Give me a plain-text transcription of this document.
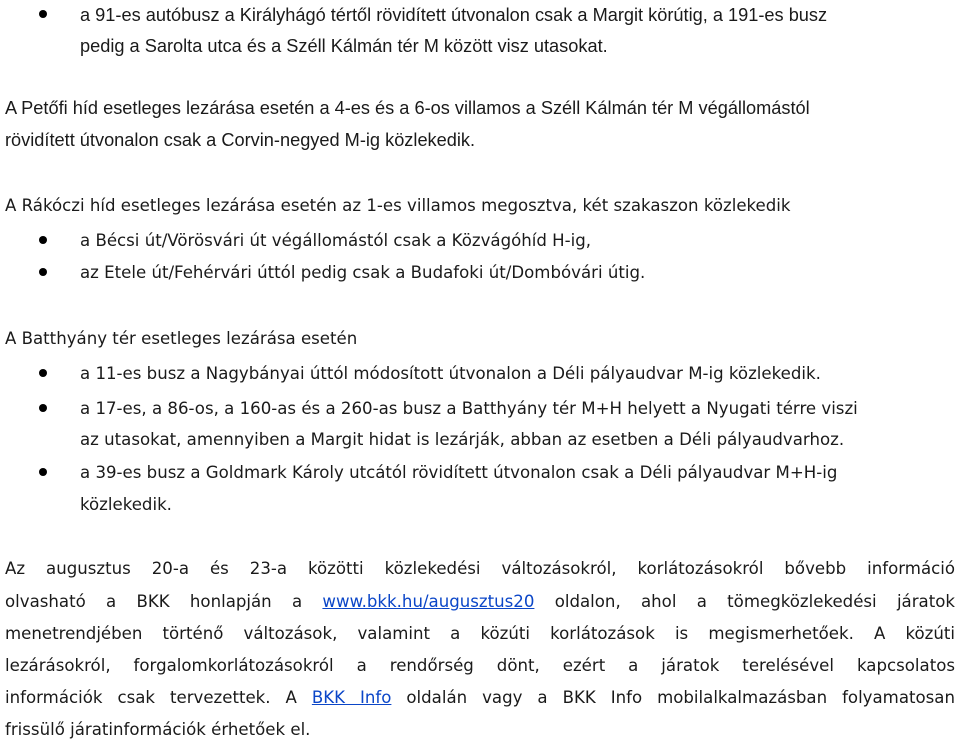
a 91-es autóbusz a Királyhágó tértől rövidített útvonalon csak a Margit körútig, a 191-es busz
pedig a Sarolta utca és a Széll Kálmán tér M között visz utasokat.
A Petőfi híd esetleges lezárása esetén a 4-es és a 6-os villamos a Széll Kálmán tér M végállomástól
rövidített útvonalon csak a Corvin-negyed M-ig közlekedik.
A Rákóczi híd esetleges lezárása esetén az 1-es villamos megosztva, két szakaszon közlekedik
a Bécsi út/Vörösvári út végállomástól csak a Közvágóhíd H-ig,
az Etele út/Fehérvári úttól pedig csak a Budafoki út/Dombóvári útig.
A Batthyány tér esetleges lezárása esetén
a 11-es busz a Nagybányai úttól módosított útvonalon a Déli pályaudvar M-ig közlekedik.
a 17-es, a 86-os, a 160-as és a 260-as busz a Batthyány tér M+H helyett a Nyugati térre viszi
az utasokat, amennyiben a Margit hidat is lezárják, abban az esetben a Déli pályaudvarhoz.
a 39-es busz a Goldmark Károly utcától rövidített útvonalon csak a Déli pályaudvar M+H-ig
közlekedik.
Az augusztus 20-a és 23-a közötti közlekedési változásokról, korlátozásokról bővebb információ
olvasható a BKK honlapján a www.bkk.hu/augusztus20 oldalon, ahol a tömegközlekedési járatok
menetrendjében történő változások, valamint a közúti korlátozások is megismerhetőek. A közúti
lezárásokról, forgalomkorlátozásokról a rendőrség dönt, ezért a járatok terelésével kapcsolatos
információk csak tervezettek. A BKK Info oldalán vagy a BKK Info mobilalkalmazásban folyamatosan
frissülő járatinformációk érhetőek el.
